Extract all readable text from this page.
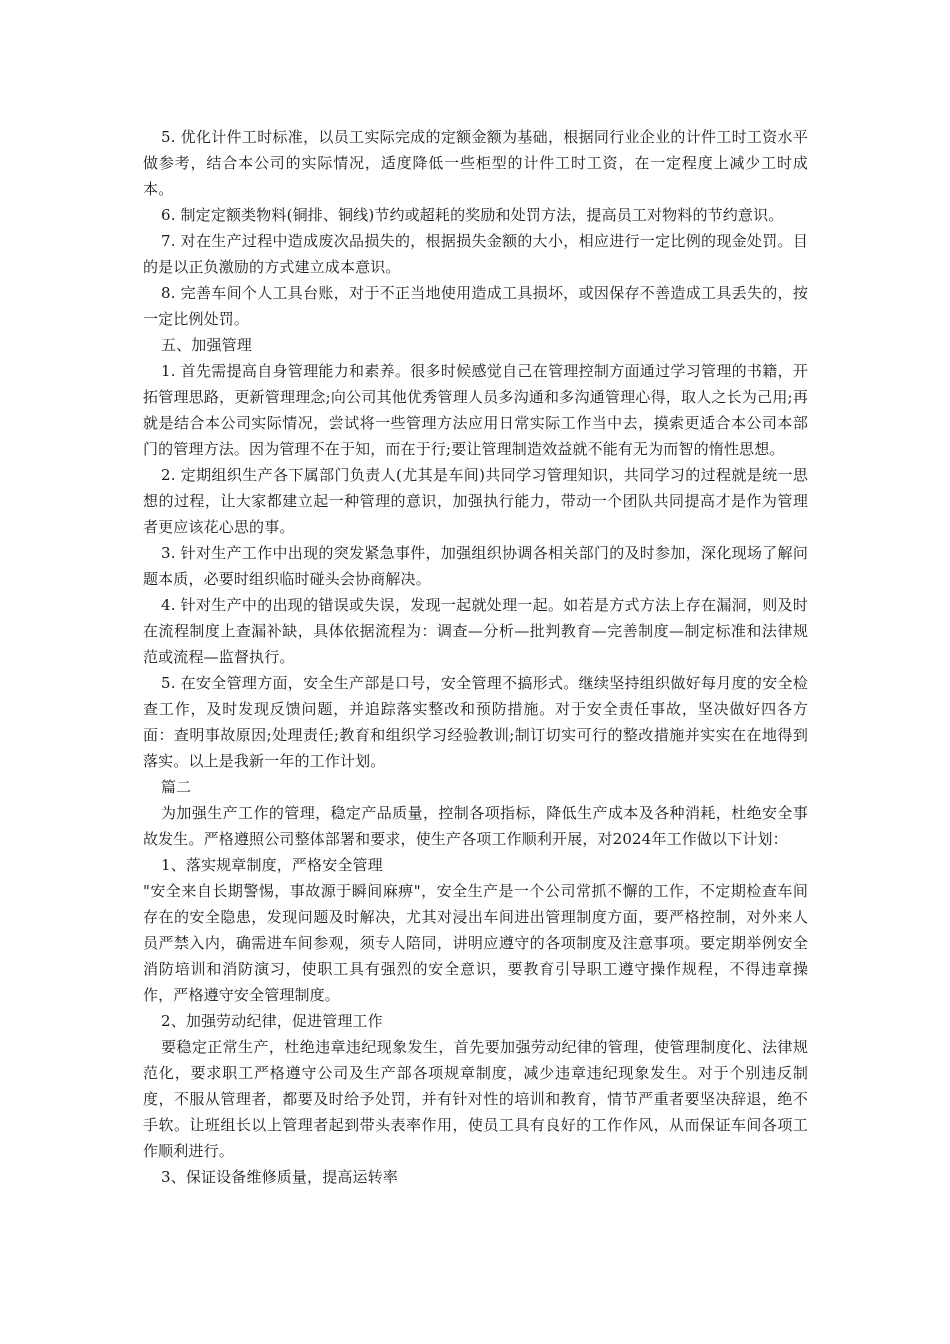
5. 优化计件工时标准，以员工实际完成的定额金额为基础，根据同行业企业的计件工时工资水平做参考，结合本公司的实际情况，适度降低一些柜型的计件工时工资，在一定程度上减少工时成本。

6. 制定定额类物料(铜排、铜线)节约或超耗的奖励和处罚方法，提高员工对物料的节约意识。

7. 对在生产过程中造成废次品损失的，根据损失金额的大小，相应进行一定比例的现金处罚。目的是以正负激励的方式建立成本意识。

8. 完善车间个人工具台账，对于不正当地使用造成工具损坏，或因保存不善造成工具丢失的，按一定比例处罚。

五、加强管理

1. 首先需提高自身管理能力和素养。很多时候感觉自己在管理控制方面通过学习管理的书籍，开拓管理思路，更新管理理念;向公司其他优秀管理人员多沟通和多沟通管理心得，取人之长为己用;再就是结合本公司实际情况，尝试将一些管理方法应用日常实际工作当中去，摸索更适合本公司本部门的管理方法。因为管理不在于知，而在于行;要让管理制造效益就不能有无为而智的惰性思想。

2. 定期组织生产各下属部门负责人(尤其是车间)共同学习管理知识，共同学习的过程就是统一思想的过程，让大家都建立起一种管理的意识，加强执行能力，带动一个团队共同提高才是作为管理者更应该花心思的事。

3. 针对生产工作中出现的突发紧急事件，加强组织协调各相关部门的及时参加，深化现场了解问题本质，必要时组织临时碰头会协商解决。

4. 针对生产中的出现的错误或失误，发现一起就处理一起。如若是方式方法上存在漏洞，则及时在流程制度上查漏补缺，具体依据流程为：调查—分析—批判教育—完善制度—制定标准和法律规范或流程—监督执行。

5. 在安全管理方面，安全生产部是口号，安全管理不搞形式。继续坚持组织做好每月度的安全检查工作，及时发现反馈问题，并追踪落实整改和预防措施。对于安全责任事故，坚决做好四各方面：查明事故原因;处理责任;教育和组织学习经验教训;制订切实可行的整改措施并实实在在地得到落实。以上是我新一年的工作计划。

篇二

为加强生产工作的管理，稳定产品质量，控制各项指标，降低生产成本及各种消耗，杜绝安全事故发生。严格遵照公司整体部署和要求，使生产各项工作顺利开展，对2024年工作做以下计划：

1、落实规章制度，严格安全管理

"安全来自长期警惕，事故源于瞬间麻痹"，安全生产是一个公司常抓不懈的工作，不定期检查车间存在的安全隐患，发现问题及时解决，尤其对浸出车间进出管理制度方面，要严格控制，对外来人员严禁入内，确需进车间参观，须专人陪同，讲明应遵守的各项制度及注意事项。要定期举例安全消防培训和消防演习，使职工具有强烈的安全意识，要教育引导职工遵守操作规程，不得违章操作，严格遵守安全管理制度。

2、加强劳动纪律，促进管理工作

要稳定正常生产，杜绝违章违纪现象发生，首先要加强劳动纪律的管理，使管理制度化、法律规范化，要求职工严格遵守公司及生产部各项规章制度，减少违章违纪现象发生。对于个别违反制度，不服从管理者，都要及时给予处罚，并有针对性的培训和教育，情节严重者要坚决辞退，绝不手软。让班组长以上管理者起到带头表率作用，使员工具有良好的工作作风，从而保证车间各项工作顺利进行。

3、保证设备维修质量，提高运转率
